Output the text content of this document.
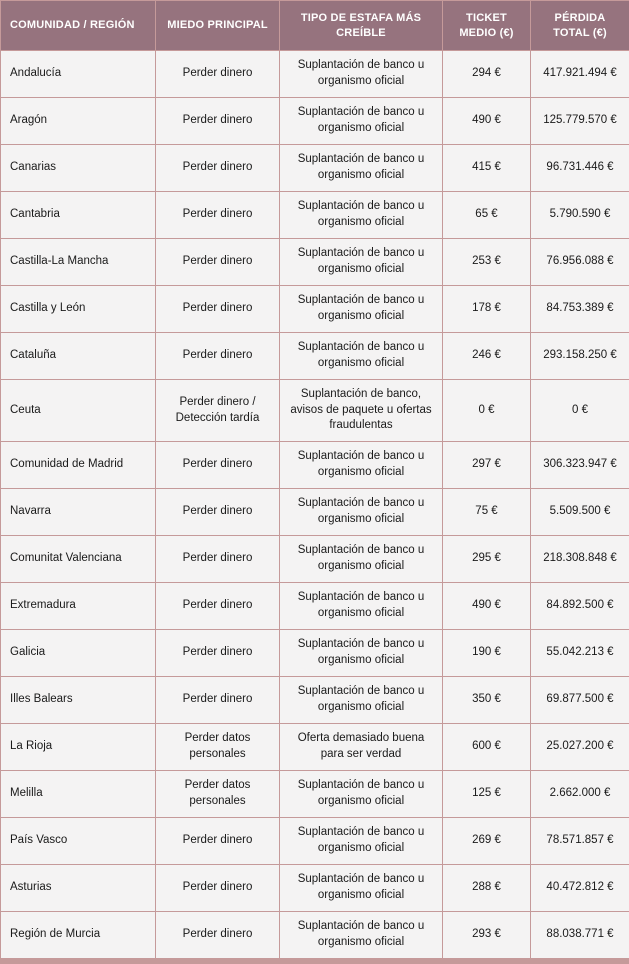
COMUNIDAD / REGIÓN	MIEDO PRINCIPAL	TIPO DE ESTAFA MÁS CREÍBLE	TICKET MEDIO (€)	PÉRDIDA TOTAL (€)
Andalucía	Perder dinero	Suplantación de banco u organismo oficial	294 €	417.921.494 €
Aragón	Perder dinero	Suplantación de banco u organismo oficial	490 €	125.779.570 €
Canarias	Perder dinero	Suplantación de banco u organismo oficial	415 €	96.731.446 €
Cantabria	Perder dinero	Suplantación de banco u organismo oficial	65 €	5.790.590 €
Castilla-La Mancha	Perder dinero	Suplantación de banco u organismo oficial	253 €	76.956.088 €
Castilla y León	Perder dinero	Suplantación de banco u organismo oficial	178 €	84.753.389 €
Cataluña	Perder dinero	Suplantación de banco u organismo oficial	246 €	293.158.250 €
Ceuta	Perder dinero / Detección tardía	Suplantación de banco, avisos de paquete u ofertas fraudulentas	0 €	0 €
Comunidad de Madrid	Perder dinero	Suplantación de banco u organismo oficial	297 €	306.323.947 €
Navarra	Perder dinero	Suplantación de banco u organismo oficial	75 €	5.509.500 €
Comunitat Valenciana	Perder dinero	Suplantación de banco u organismo oficial	295 €	218.308.848 €
Extremadura	Perder dinero	Suplantación de banco u organismo oficial	490 €	84.892.500 €
Galicia	Perder dinero	Suplantación de banco u organismo oficial	190 €	55.042.213 €
Illes Balears	Perder dinero	Suplantación de banco u organismo oficial	350 €	69.877.500 €
La Rioja	Perder datos personales	Oferta demasiado buena para ser verdad	600 €	25.027.200 €
Melilla	Perder datos personales	Suplantación de banco u organismo oficial	125 €	2.662.000 €
País Vasco	Perder dinero	Suplantación de banco u organismo oficial	269 €	78.571.857 €
Asturias	Perder dinero	Suplantación de banco u organismo oficial	288 €	40.472.812 €
Región de Murcia	Perder dinero	Suplantación de banco u organismo oficial	293 €	88.038.771 €
